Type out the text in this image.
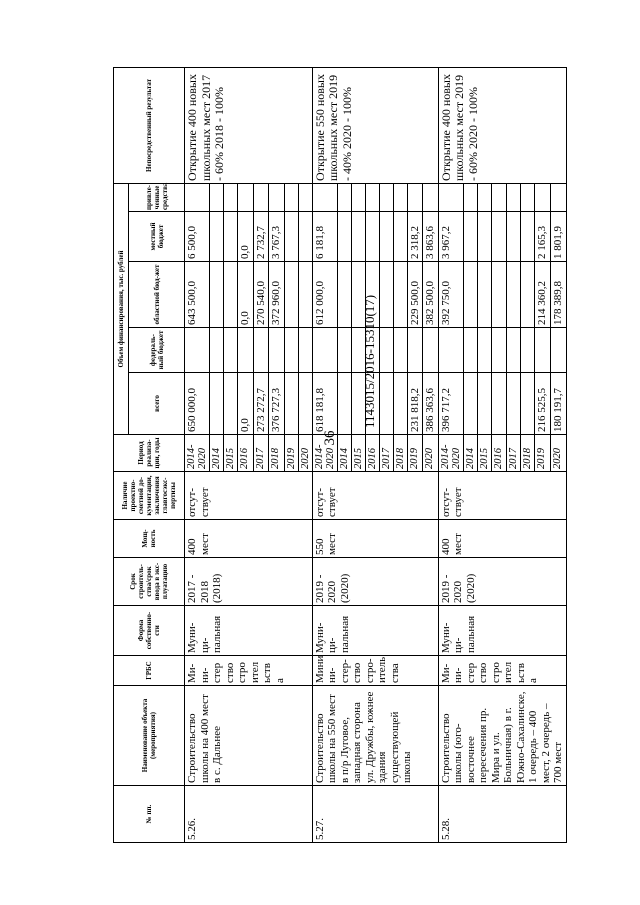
36
№ пп.	Наименование объекта (мероприятия)	ГРБС	Форма собственно-сти	Срок строитель-ства/срок ввода в экс-плуатацию	Мощ-ность	Наличие проектно-сметной до-кументации, заключения главгосэкс-пертизы	Период реализа-ции, годы	Объем финансирования, тыс. рублей					Непосредственный результат
								всего	федераль-ный бюджет	областной бюд-жет	местный бюджет	привле-ченные средства	
5.26.	Строительство школы на 400 мест в с. Дальнее	Ми-ни-стер ство стро ител ьств а	Муни-ци-пальная	2017 - 2018 (2018)	400 мест	отсут-ствует	2014-2020	650 000,0		643 500,0	6 500,0		Открытие 400 новых школьных мест 2017 - 60% 2018 - 100%
							2014						
							2015						
							2016	0,0		0,0	0,0		
							2017	273 272,7		270 540,0	2 732,7		
							2018	376 727,3		372 960,0	3 767,3		
							2019						
							2020						
5.27.	Строительство школы на 550 мест в п/р Луговое, западная сторона ул. Дружбы, южнее здания существующей школы	Мини ни-стер-ство стро-итель ства	Муни-ци-пальная	2019 - 2020 (2020)	550 мест	отсут-ствует	2014-2020	618 181,8		612 000,0	6 181,8		Открытие 550 новых школьных мест 2019 - 40% 2020 - 100%
							2014						
							2015						
							2016						
							2017						
							2018						
							2019	231 818,2		229 500,0	2 318,2		
							2020	386 363,6		382 500,0	3 863,6		
5.28.	Строительство школы (юго-восточнее пересечения пр. Мира и ул. Больничная) в г. Южно-Сахалинске, 1 очередь – 400 мест, 2 очередь – 700 мест	Ми-ни-стер ство стро ител ьств а	Муни-ци-пальная	2019 - 2020 (2020)	400 мест	отсут-ствует	2014-2020	396 717,2		392 750,0	3 967,2		Открытие 400 новых школьных мест 2019 - 60% 2020 - 100%
							2014						
							2015						
							2016						
							2017						
							2018						
							2019	216 525,5		214 360,2	2 165,3		
							2020	180 191,7		178 389,8	1 801,9		
1143015/2016-15310(17)
